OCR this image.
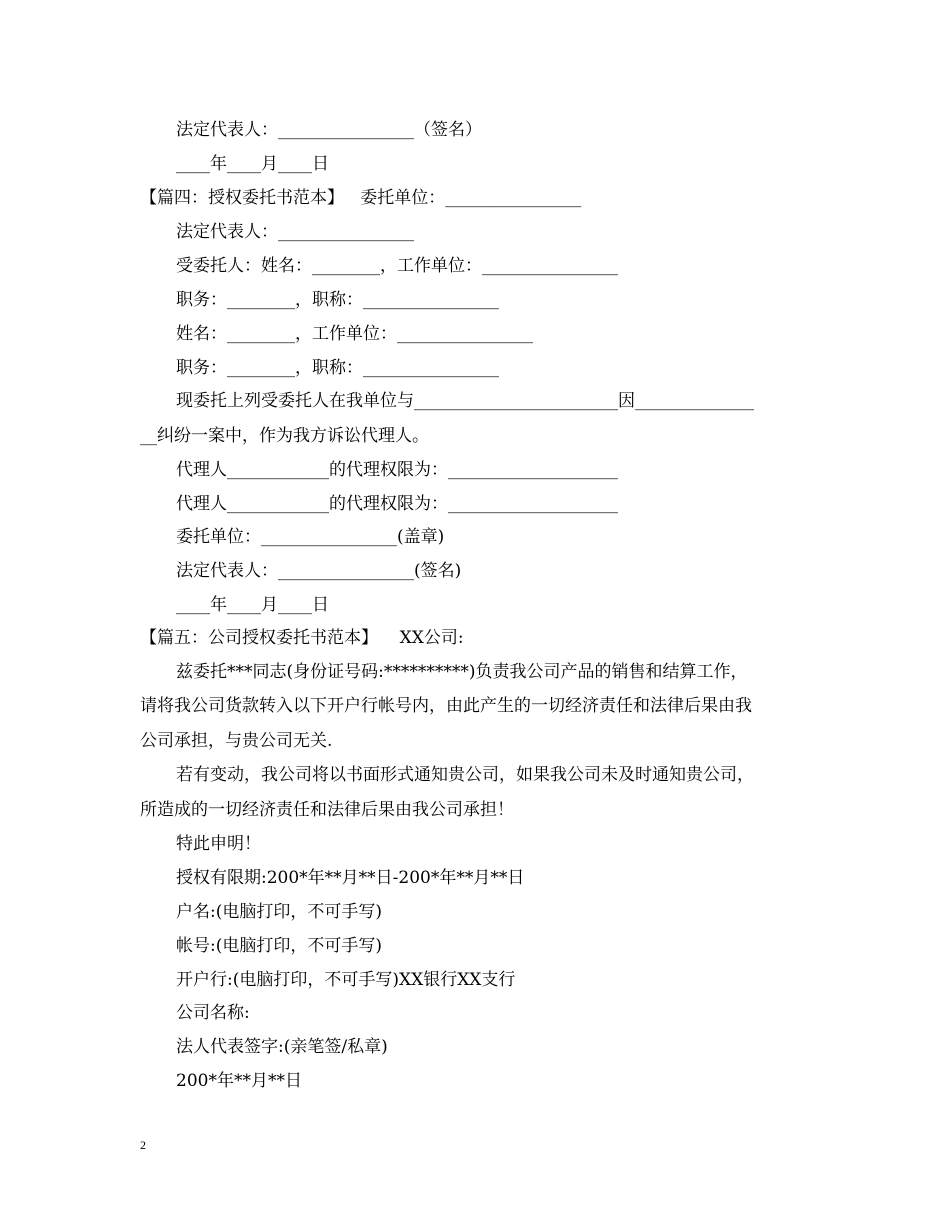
法定代表人：________________（签名）
____年____月____日
【篇四：授权委托书范本】   委托单位：________________
法定代表人：________________
受委托人：姓名：________，工作单位：________________
职务：________，职称：________________
姓名：________，工作单位：________________
职务：________，职称：________________
现委托上列受委托人在我单位与________________________因______________
__纠纷一案中，作为我方诉讼代理人。
代理人____________的代理权限为：____________________
代理人____________的代理权限为：____________________
委托单位：________________(盖章)
法定代表人：________________(签名)
____年____月____日
【篇五：公司授权委托书范本】    XX公司:
兹委托***同志(身份证号码:**********)负责我公司产品的销售和结算工作，
请将我公司货款转入以下开户行帐号内，由此产生的一切经济责任和法律后果由我
公司承担，与贵公司无关.
若有变动，我公司将以书面形式通知贵公司，如果我公司未及时通知贵公司，
所造成的一切经济责任和法律后果由我公司承担！
特此申明！
授权有限期:200*年**月**日-200*年**月**日
户名:(电脑打印，不可手写)
帐号:(电脑打印，不可手写)
开户行:(电脑打印，不可手写)XX银行XX支行
公司名称:
法人代表签字:(亲笔签/私章)
200*年**月**日
2
